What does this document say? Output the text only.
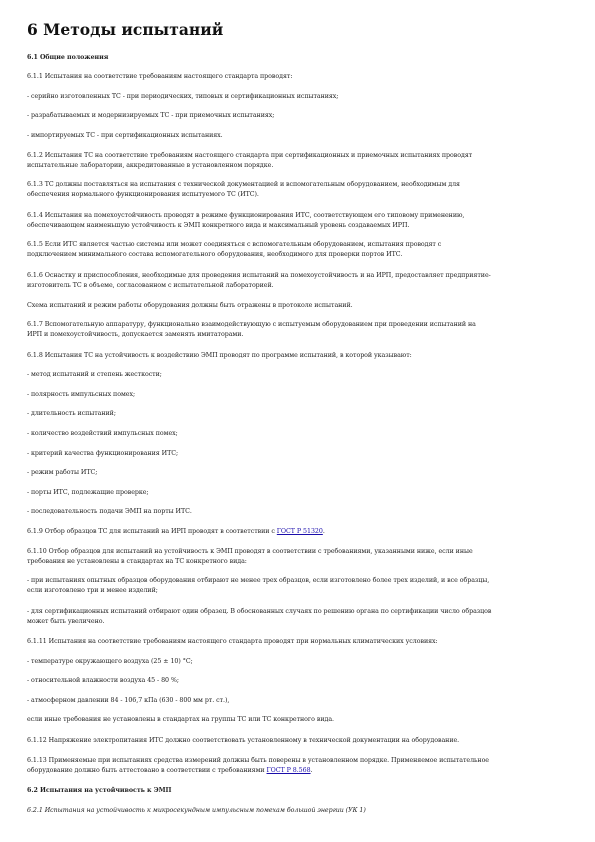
6 Методы испытаний

6.1 Общие положения

6.1.1 Испытания на соответствие требованиям настоящего стандарта проводят:

- серийно изготовленных ТС - при периодических, типовых и сертификационных испытаниях;

- разрабатываемых и модернизируемых ТС - при приемочных испытаниях;

- импортируемых ТС - при сертификационных испытаниях.

6.1.2 Испытания ТС на соответствие требованиям настоящего стандарта при сертификационных и приемочных испытаниях проводят
испытательные лаборатории, аккредитованные в установленном порядке.

6.1.3 ТС должны поставляться на испытания с технической документацией и вспомогательным оборудованием, необходимым для
обеспечения нормального функционирования испытуемого ТС (ИТС).

6.1.4 Испытания на помехоустойчивость проводят в режиме функционирования ИТС, соответствующем его типовому применению,
обеспечивающем наименьшую устойчивость к ЭМП конкретного вида и максимальный уровень создаваемых ИРП.

6.1.5 Если ИТС является частью системы или может соединяться с вспомогательным оборудованием, испытания проводят с
подключением минимального состава вспомогательного оборудования, необходимого для проверки портов ИТС.

6.1.6 Оснастку и приспособления, необходимые для проведения испытаний на помехоустойчивость и на ИРП, предоставляет предприятие-
изготовитель ТС в объеме, согласованном с испытательной лабораторией.

Схема испытаний и режим работы оборудования должны быть отражены в протоколе испытаний.

6.1.7 Вспомогательную аппаратуру, функционально взаимодействующую с испытуемым оборудованием при проведении испытаний на
ИРП и помехоустойчивость, допускается заменять имитаторами.

6.1.8 Испытания ТС на устойчивость к воздействию ЭМП проводят по программе испытаний, в которой указывают:

- метод испытаний и степень жесткости;

- полярность импульсных помех;

- длительность испытаний;

- количество воздействий импульсных помех;

- критерий качества функционирования ИТС;

- режим работы ИТС;

- порты ИТС, подлежащие проверке;

- последовательность подачи ЭМП на порты ИТС.

6.1.9 Отбор образцов ТС для испытаний на ИРП проводят в соответствии с ГОСТ Р 51320.

6.1.10 Отбор образцов для испытаний на устойчивость к ЭМП проводят в соответствии с требованиями, указанными ниже, если иные
требования не установлены в стандартах на ТС конкретного вида:

- при испытаниях опытных образцов оборудования отбирают не менее трех образцов, если изготовлено более трех изделий, и все образцы,
если изготовлено три и менее изделий;

- для сертификационных испытаний отбирают один образец. В обоснованных случаях по решению органа по сертификации число образцов
может быть увеличено.

6.1.11 Испытания на соответствие требованиям настоящего стандарта проводят при нормальных климатических условиях:

- температуре окружающего воздуха (25 ± 10) °С;

- относительной влажности воздуха 45 - 80 %;

- атмосферном давлении 84 - 106,7 кПа (630 - 800 мм рт. ст.),

если иные требования не установлены в стандартах на группы ТС или ТС конкретного вида.

6.1.12 Напряжение электропитания ИТС должно соответствовать установленному в технической документации на оборудование.

6.1.13 Применяемые при испытаниях средства измерений должны быть поверены в установленном порядке. Применяемое испытательное
оборудование должно быть аттестовано в соответствии с требованиями ГОСТ Р 8.568.

6.2 Испытания на устойчивость к ЭМП

6.2.1 Испытания на устойчивость к микросекундным импульсным помехам большой энергии (УК 1)
